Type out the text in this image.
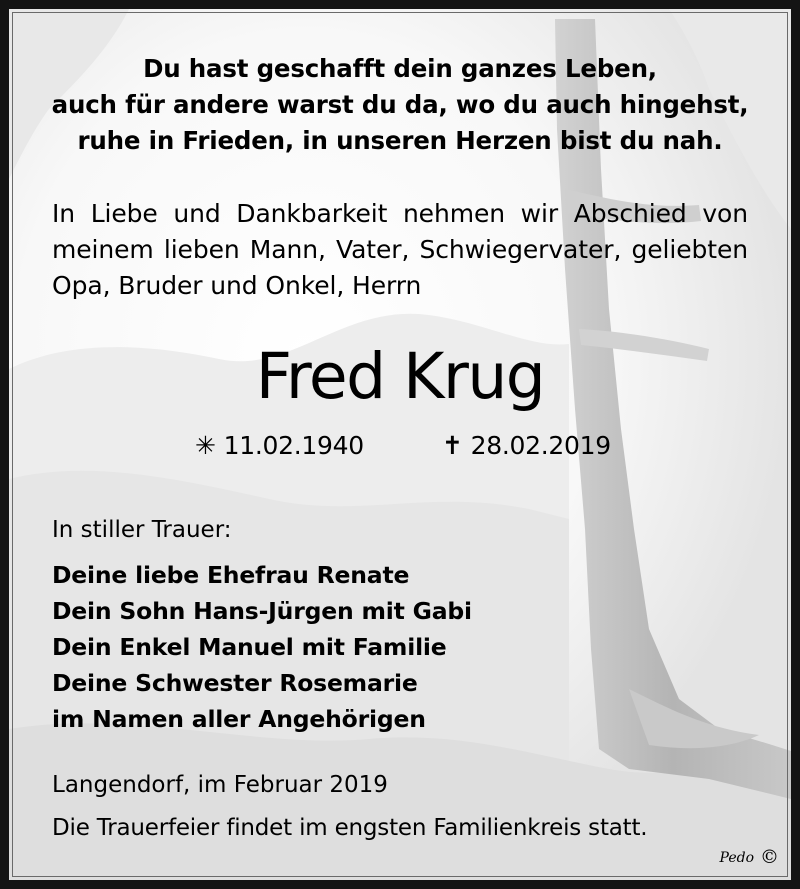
Du hast geschafft dein ganzes Leben,
auch für andere warst du da, wo du auch hingehst,
ruhe in Frieden, in unseren Herzen bist du nah.
In Liebe und Dankbarkeit nehmen wir Abschied von
meinem lieben Mann, Vater, Schwiegervater, geliebten
Opa, Bruder und Onkel, Herrn
Fred Krug
✳ 11.02.1940	✝ 28.02.2019
In stiller Trauer:
Deine liebe Ehefrau Renate
Dein Sohn Hans-Jürgen mit Gabi
Dein Enkel Manuel mit Familie
Deine Schwester Rosemarie
im Namen aller Angehörigen
Langendorf, im Februar 2019
Die Trauerfeier findet im engsten Familienkreis statt.
Pedo ©
